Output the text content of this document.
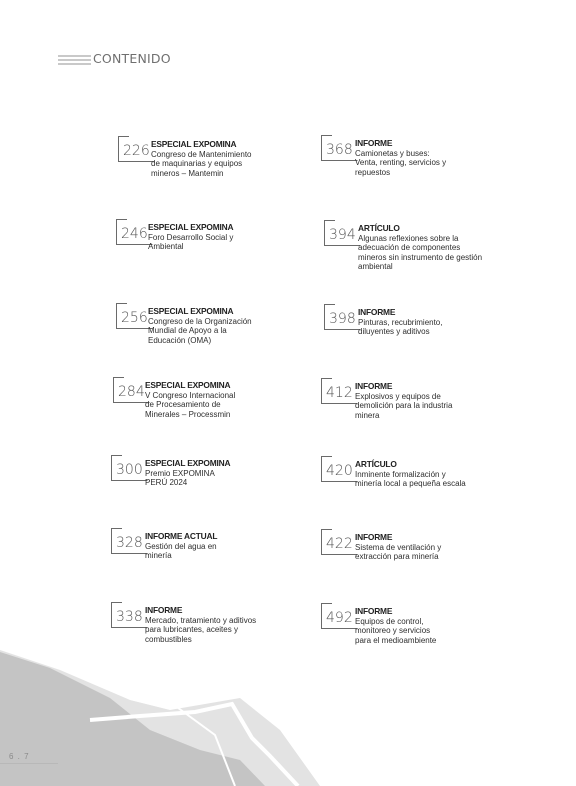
CONTENIDO
226 ESPECIAL EXPOMINA
Congreso de Mantenimiento
de maquinarias y equipos
mineros – Mantemin
246 ESPECIAL EXPOMINA
Foro Desarrollo Social y
Ambiental
256 ESPECIAL EXPOMINA
Congreso de la Organización
Mundial de Apoyo a la
Educación (OMA)
284 ESPECIAL EXPOMINA
V Congreso Internacional
de Procesamiento de
Minerales – Processmin
300 ESPECIAL EXPOMINA
Premio EXPOMINA
PERÚ 2024
328 INFORME ACTUAL
Gestión del agua en
minería
338 INFORME
Mercado, tratamiento y aditivos
para lubricantes, aceites y
combustibles
368 INFORME
Camionetas y buses:
Venta, renting, servicios y
repuestos
394 ARTÍCULO
Algunas reflexiones sobre la
adecuación de componentes
mineros sin instrumento de gestión
ambiental
398 INFORME
Pinturas, recubrimiento,
diluyentes y aditivos
412 INFORME
Explosivos y equipos de
demolición para la industria
minera
420 ARTÍCULO
Inminente formalización y
minería local a pequeña escala
422 INFORME
Sistema de ventilación y
extracción para minería
492 INFORME
Equipos de control,
monitoreo y servicios
para el medioambiente
6 . 7
